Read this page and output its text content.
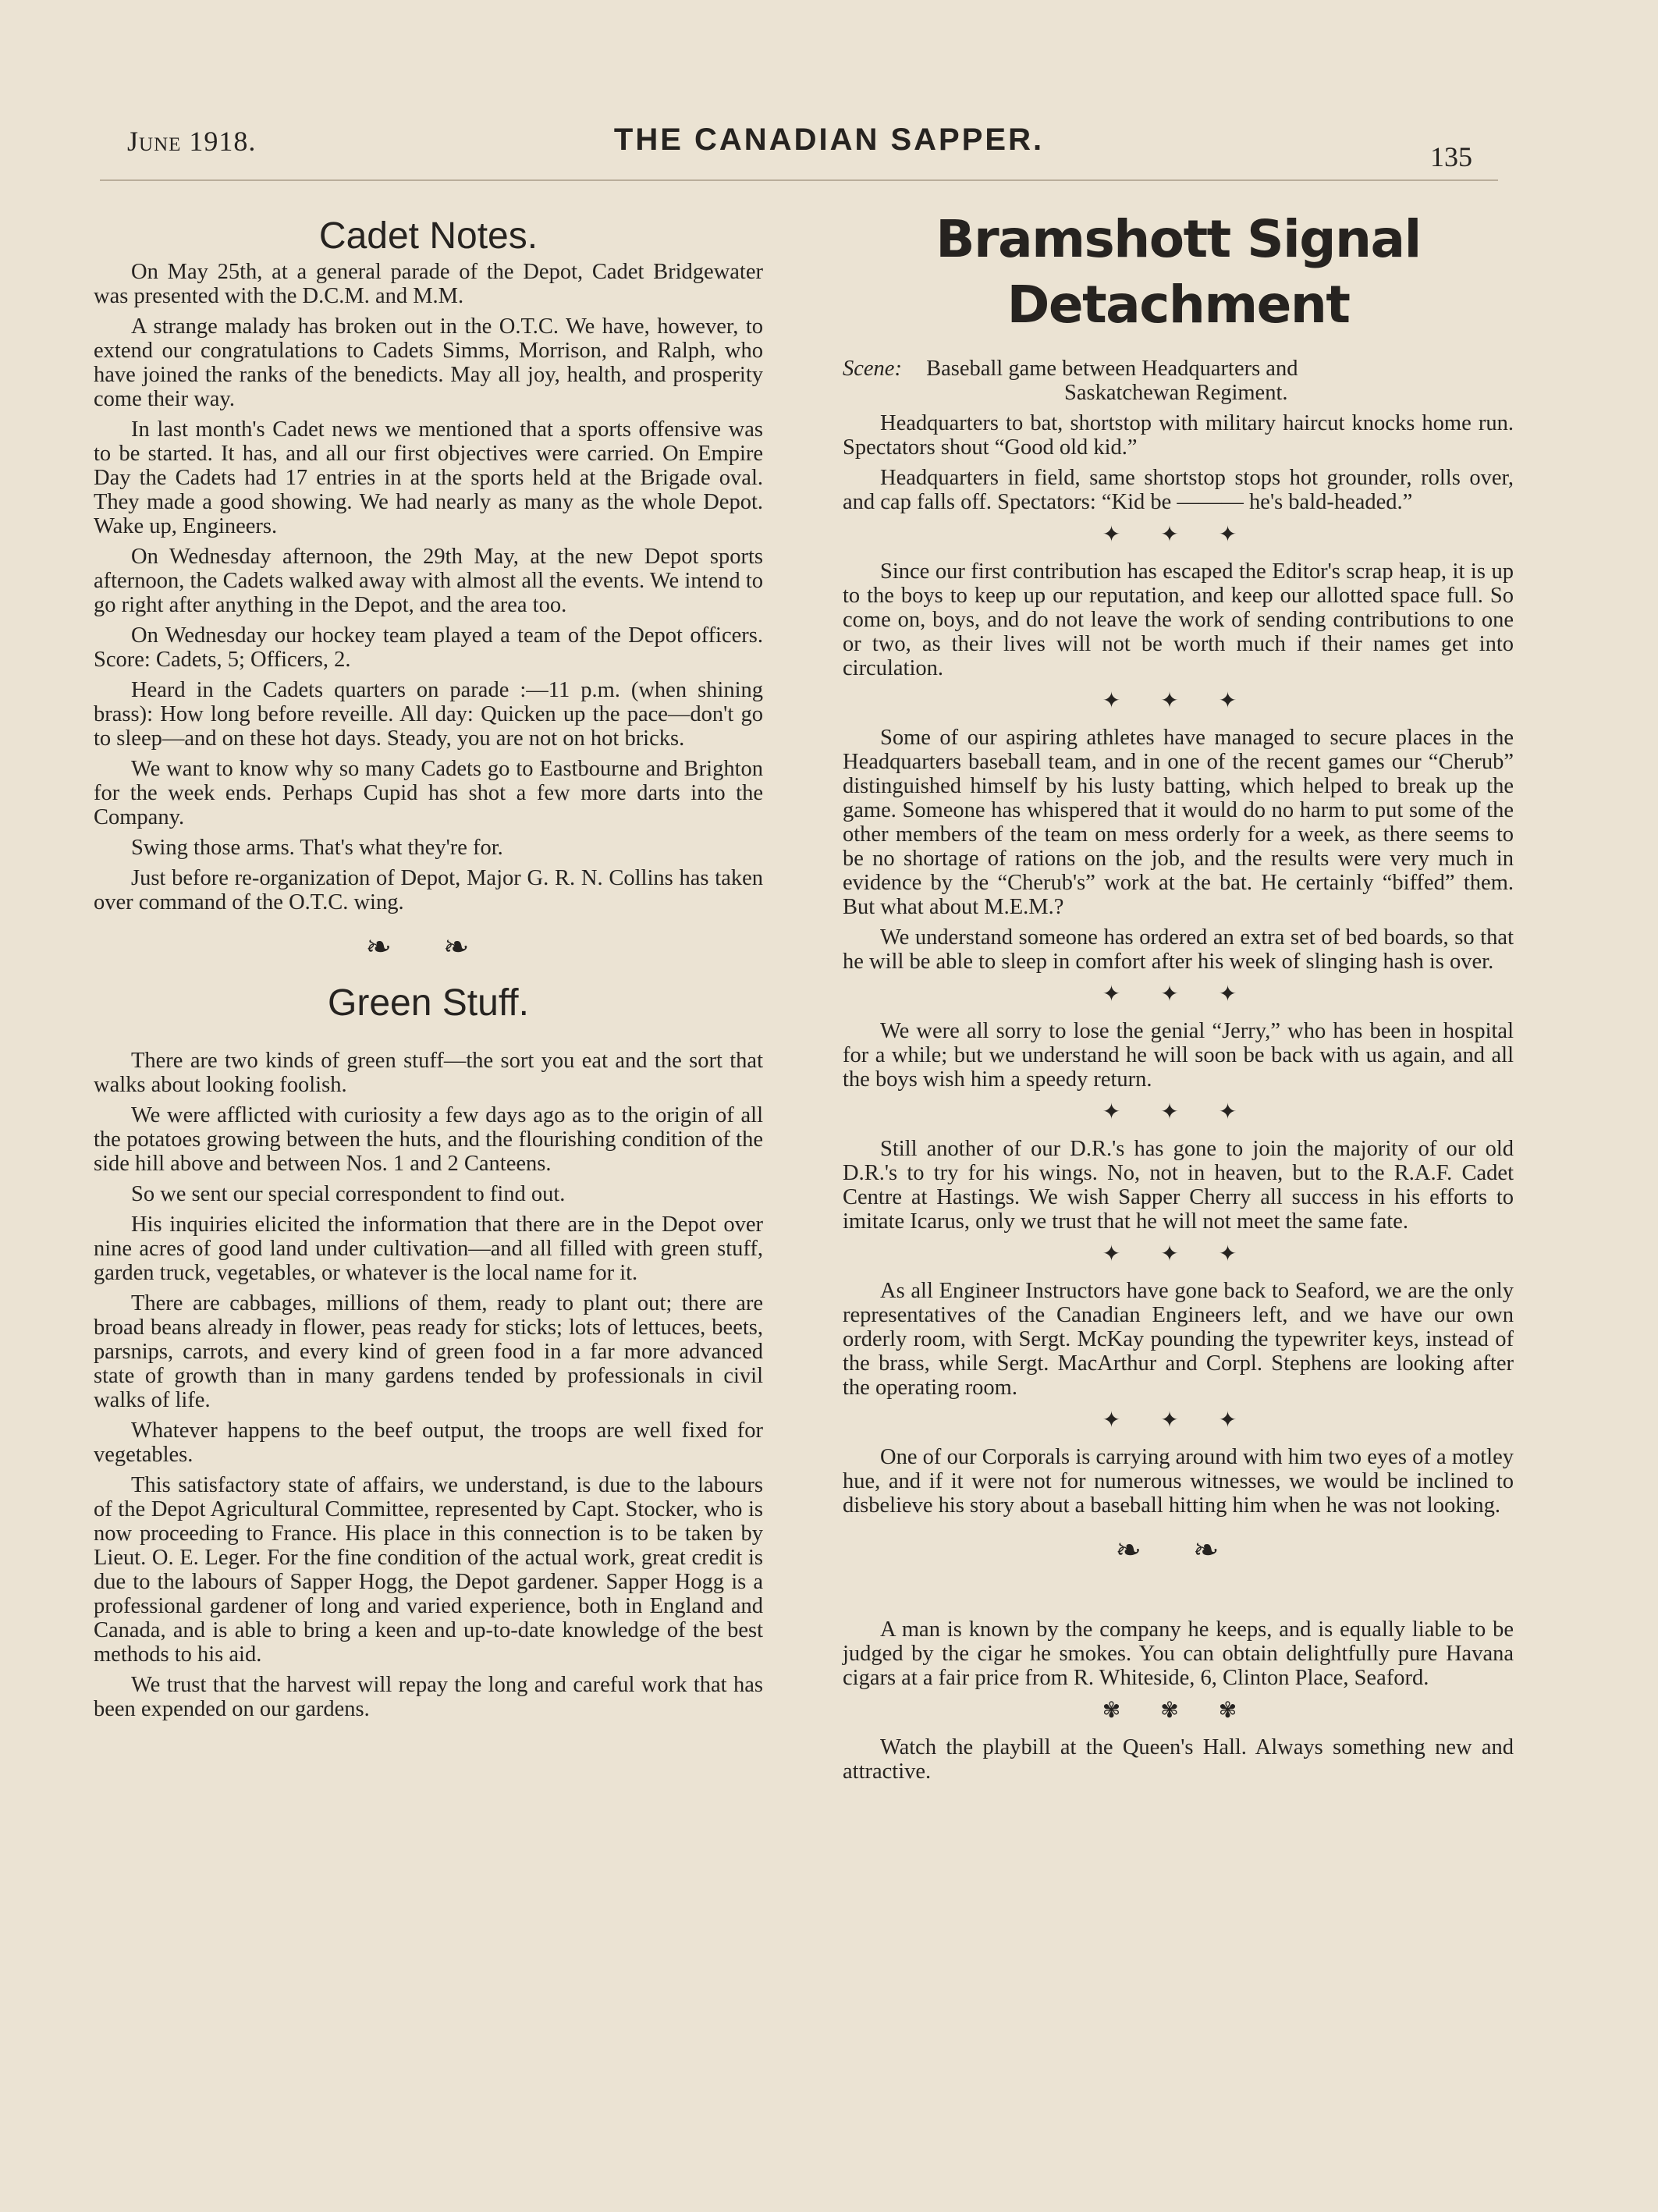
June 1918.	THE CANADIAN SAPPER.	135
Cadet Notes.

On May 25th, at a general parade of the Depot, Cadet Bridgewater was presented with the D.C.M. and M.M.

A strange malady has broken out in the O.T.C. We have, however, to extend our congratulations to Cadets Simms, Morrison, and Ralph, who have joined the ranks of the benedicts. May all joy, health, and prosperity come their way.

In last month's Cadet news we mentioned that a sports offensive was to be started. It has, and all our first objectives were carried. On Empire Day the Cadets had 17 entries in at the sports held at the Brigade oval. They made a good showing. We had nearly as many as the whole Depot. Wake up, Engineers.

On Wednesday afternoon, the 29th May, at the new Depot sports afternoon, the Cadets walked away with almost all the events. We intend to go right after anything in the Depot, and the area too.

On Wednesday our hockey team played a team of the Depot officers. Score: Cadets, 5; Officers, 2.

Heard in the Cadets quarters on parade :—11 p.m. (when shining brass): How long before reveille. All day: Quicken up the pace—don't go to sleep—and on these hot days. Steady, you are not on hot bricks.

We want to know why so many Cadets go to Eastbourne and Brighton for the week ends. Perhaps Cupid has shot a few more darts into the Company.

Swing those arms. That's what they're for.

Just before re-organization of Depot, Major G. R. N. Collins has taken over command of the O.T.C. wing.

❧ ❧
Green Stuff.

There are two kinds of green stuff—the sort you eat and the sort that walks about looking foolish.

We were afflicted with curiosity a few days ago as to the origin of all the potatoes growing between the huts, and the flourishing condition of the side hill above and between Nos. 1 and 2 Canteens.

So we sent our special correspondent to find out.

His inquiries elicited the information that there are in the Depot over nine acres of good land under cultivation—and all filled with green stuff, garden truck, vegetables, or whatever is the local name for it.

There are cabbages, millions of them, ready to plant out; there are broad beans already in flower, peas ready for sticks; lots of lettuces, beets, parsnips, carrots, and every kind of green food in a far more advanced state of growth than in many gardens tended by professionals in civil walks of life.

Whatever happens to the beef output, the troops are well fixed for vegetables.

This satisfactory state of affairs, we understand, is due to the labours of the Depot Agricultural Committee, represented by Capt. Stocker, who is now proceeding to France. His place in this connection is to be taken by Lieut. O. E. Leger. For the fine condition of the actual work, great credit is due to the labours of Sapper Hogg, the Depot gardener. Sapper Hogg is a professional gardener of long and varied experience, both in England and Canada, and is able to bring a keen and up-to-date knowledge of the best methods to his aid.

We trust that the harvest will repay the long and careful work that has been expended on our gardens.

Bramshott Signal Detachment

Scene: Baseball game between Headquarters and
Saskatchewan Regiment.

Headquarters to bat, shortstop with military haircut knocks home run. Spectators shout “Good old kid.”

Headquarters in field, same shortstop stops hot grounder, rolls over, and cap falls off. Spectators: “Kid be ——— he's bald-headed.”

✦ ✦ ✦

Since our first contribution has escaped the Editor's scrap heap, it is up to the boys to keep up our reputation, and keep our allotted space full. So come on, boys, and do not leave the work of sending contributions to one or two, as their lives will not be worth much if their names get into circulation.

✦ ✦ ✦

Some of our aspiring athletes have managed to secure places in the Headquarters baseball team, and in one of the recent games our “Cherub” distinguished himself by his lusty batting, which helped to break up the game. Someone has whispered that it would do no harm to put some of the other members of the team on mess orderly for a week, as there seems to be no shortage of rations on the job, and the results were very much in evidence by the “Cherub's” work at the bat. He certainly “biffed” them. But what about M.E.M.?

We understand someone has ordered an extra set of bed boards, so that he will be able to sleep in comfort after his week of slinging hash is over.

✦ ✦ ✦

We were all sorry to lose the genial “Jerry,” who has been in hospital for a while; but we understand he will soon be back with us again, and all the boys wish him a speedy return.

✦ ✦ ✦

Still another of our D.R.'s has gone to join the majority of our old D.R.'s to try for his wings. No, not in heaven, but to the R.A.F. Cadet Centre at Hastings. We wish Sapper Cherry all success in his efforts to imitate Icarus, only we trust that he will not meet the same fate.

✦ ✦ ✦

As all Engineer Instructors have gone back to Seaford, we are the only representatives of the Canadian Engineers left, and we have our own orderly room, with Sergt. McKay pounding the typewriter keys, instead of the brass, while Sergt. MacArthur and Corpl. Stephens are looking after the operating room.

✦ ✦ ✦

One of our Corporals is carrying around with him two eyes of a motley hue, and if it were not for numerous witnesses, we would be inclined to disbelieve his story about a baseball hitting him when he was not looking.

❧ ❧

A man is known by the company he keeps, and is equally liable to be judged by the cigar he smokes. You can obtain delightfully pure Havana cigars at a fair price from R. Whiteside, 6, Clinton Place, Seaford.

✾ ✾ ✾

Watch the playbill at the Queen's Hall. Always something new and attractive.
